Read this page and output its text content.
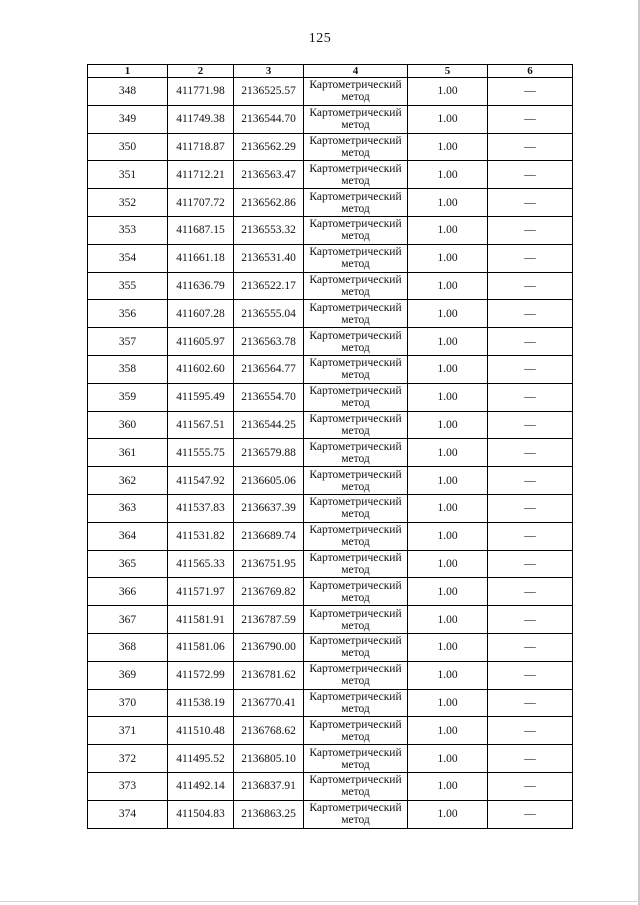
125
1	2	3	4	5	6
348	411771.98	2136525.57	Картометрический метод	1.00	—
349	411749.38	2136544.70	Картометрический метод	1.00	—
350	411718.87	2136562.29	Картометрический метод	1.00	—
351	411712.21	2136563.47	Картометрический метод	1.00	—
352	411707.72	2136562.86	Картометрический метод	1.00	—
353	411687.15	2136553.32	Картометрический метод	1.00	—
354	411661.18	2136531.40	Картометрический метод	1.00	—
355	411636.79	2136522.17	Картометрический метод	1.00	—
356	411607.28	2136555.04	Картометрический метод	1.00	—
357	411605.97	2136563.78	Картометрический метод	1.00	—
358	411602.60	2136564.77	Картометрический метод	1.00	—
359	411595.49	2136554.70	Картометрический метод	1.00	—
360	411567.51	2136544.25	Картометрический метод	1.00	—
361	411555.75	2136579.88	Картометрический метод	1.00	—
362	411547.92	2136605.06	Картометрический метод	1.00	—
363	411537.83	2136637.39	Картометрический метод	1.00	—
364	411531.82	2136689.74	Картометрический метод	1.00	—
365	411565.33	2136751.95	Картометрический метод	1.00	—
366	411571.97	2136769.82	Картометрический метод	1.00	—
367	411581.91	2136787.59	Картометрический метод	1.00	—
368	411581.06	2136790.00	Картометрический метод	1.00	—
369	411572.99	2136781.62	Картометрический метод	1.00	—
370	411538.19	2136770.41	Картометрический метод	1.00	—
371	411510.48	2136768.62	Картометрический метод	1.00	—
372	411495.52	2136805.10	Картометрический метод	1.00	—
373	411492.14	2136837.91	Картометрический метод	1.00	—
374	411504.83	2136863.25	Картометрический метод	1.00	—
